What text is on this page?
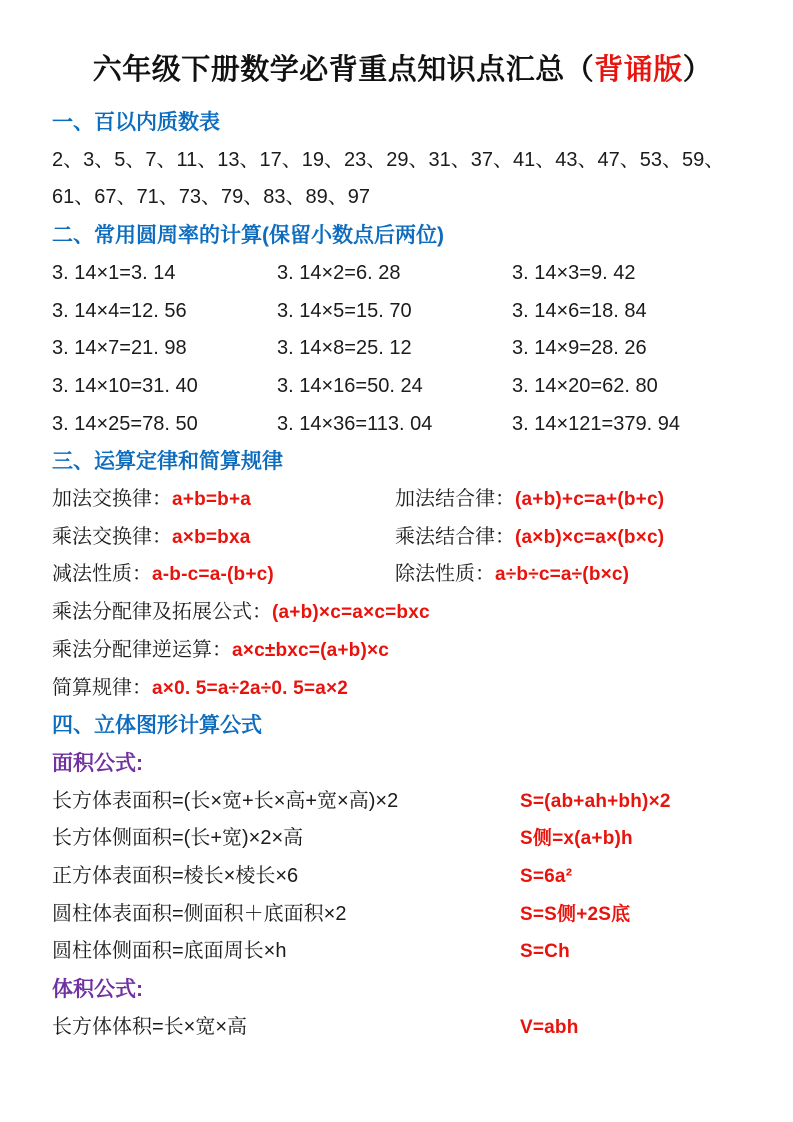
六年级下册数学必背重点知识点汇总（背诵版）
一、百以内质数表
2、3、5、7、11、13、17、19、23、29、31、37、41、43、47、53、59、
61、67、71、73、79、83、89、97
二、常用圆周率的计算(保留小数点后两位)
3. 14×1=3. 14	3. 14×2=6. 28	3. 14×3=9. 42
3. 14×4=12. 56	3. 14×5=15. 70	3. 14×6=18. 84
3. 14×7=21. 98	3. 14×8=25. 12	3. 14×9=28. 26
3. 14×10=31. 40	3. 14×16=50. 24	3. 14×20=62. 80
3. 14×25=78. 50	3. 14×36=113. 04	3. 14×121=379. 94
三、运算定律和简算规律
加法交换律：a+b=b+a	加法结合律：(a+b)+c=a+(b+c)
乘法交换律：a×b=bxa	乘法结合律：(a×b)×c=a×(b×c)
减法性质：a-b-c=a-(b+c)	除法性质：a÷b÷c=a÷(b×c)
乘法分配律及拓展公式：(a+b)×c=a×c=bxc
乘法分配律逆运算：a×c±bxc=(a+b)×c
简算规律：a×0. 5=a÷2a÷0. 5=a×2
四、立体图形计算公式
面积公式:
长方体表面积=(长×宽+长×高+宽×高)×2	S=(ab+ah+bh)×2
长方体侧面积=(长+宽)×2×高	S侧=x(a+b)h
正方体表面积=棱长×棱长×6	S=6a²
圆柱体表面积=侧面积＋底面积×2	S=S侧+2S底
圆柱体侧面积=底面周长×h	S=Ch
体积公式:
长方体体积=长×宽×高	V=abh
